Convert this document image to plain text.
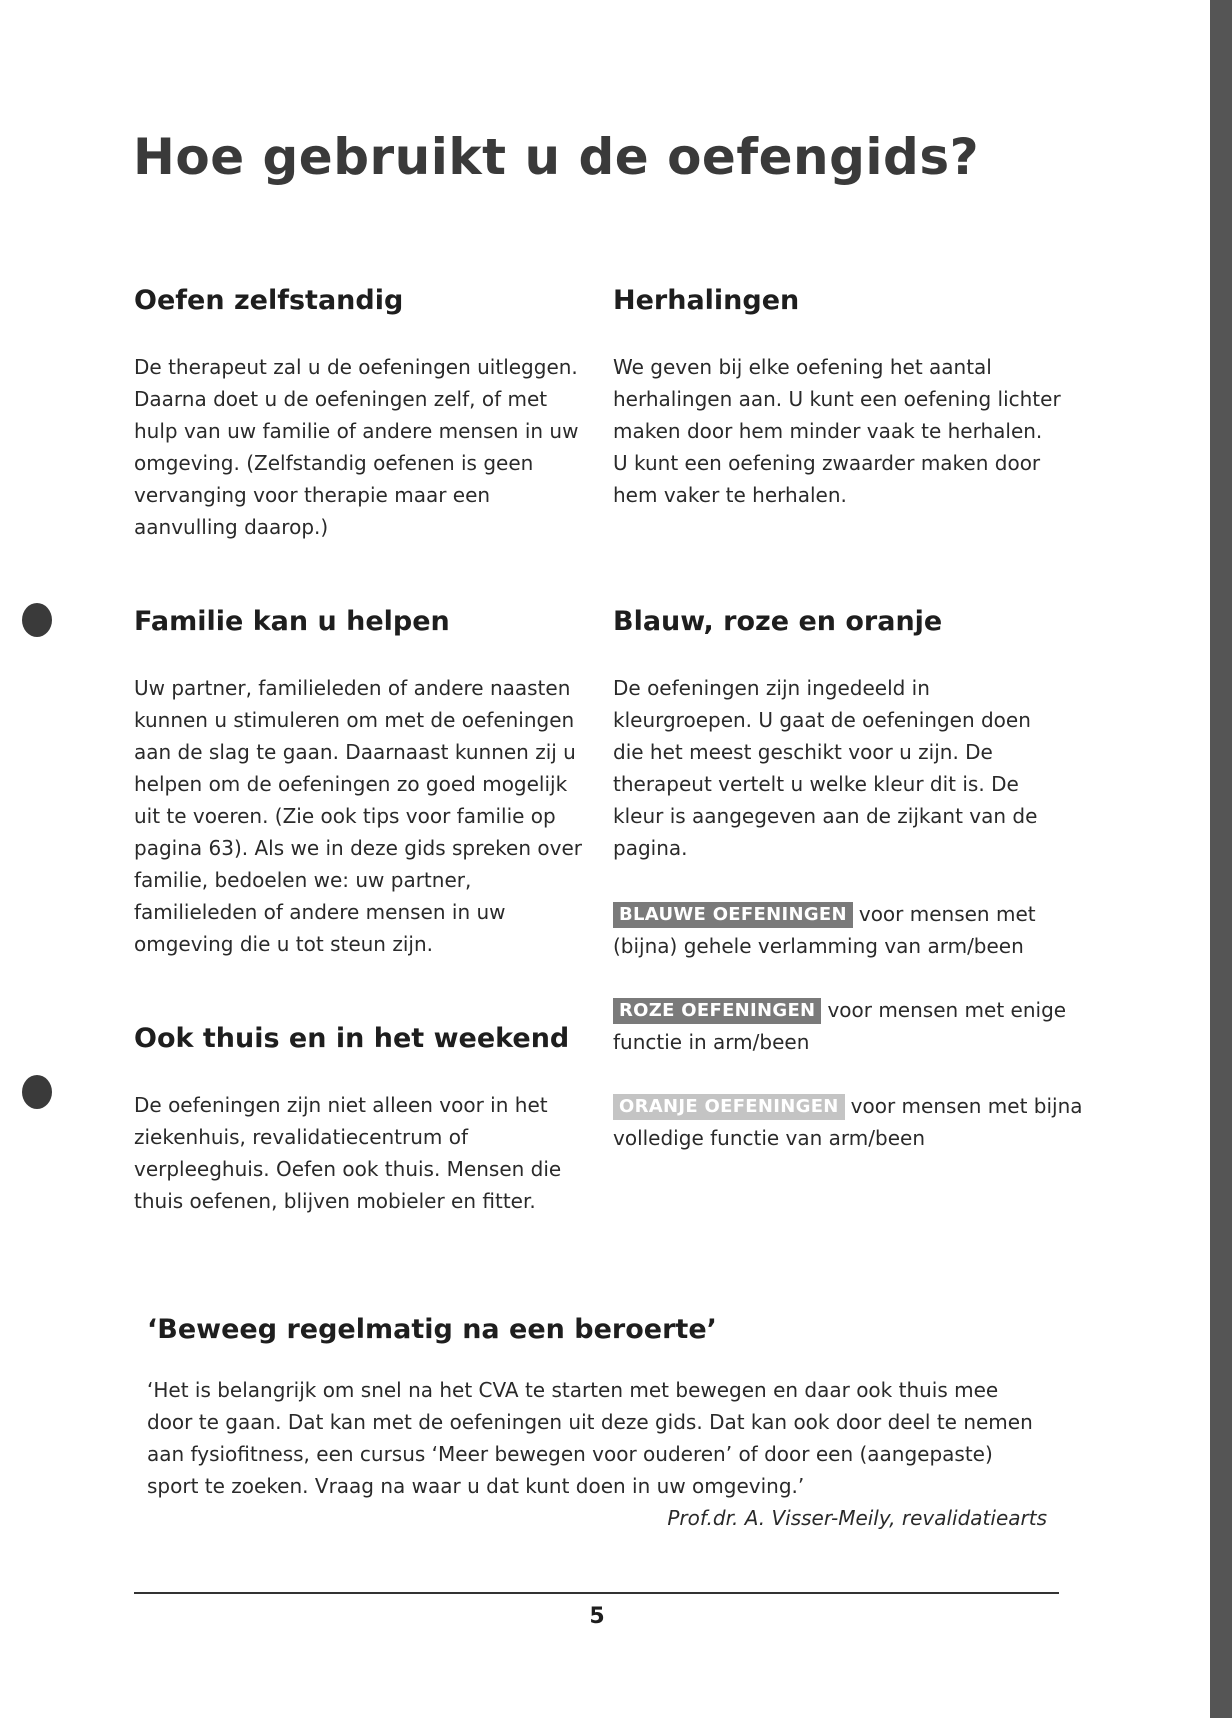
Hoe gebruikt u de oefengids?
Oefen zelfstandig

De therapeut zal u de oefeningen uitleggen. Daarna doet u de oefeningen zelf, of met hulp van uw familie of andere mensen in uw omgeving. (Zelfstandig oefenen is geen vervanging voor therapie maar een aanvulling daarop.)

Herhalingen

We geven bij elke oefening het aantal herhalingen aan. U kunt een oefening lichter maken door hem minder vaak te herhalen. U kunt een oefening zwaarder maken door hem vaker te herhalen.

Familie kan u helpen

Uw partner, familieleden of andere naasten kunnen u stimuleren om met de oefeningen aan de slag te gaan. Daarnaast kunnen zij u helpen om de oefeningen zo goed mogelijk uit te voeren. (Zie ook tips voor familie op pagina 63). Als we in deze gids spreken over familie, bedoelen we: uw partner, familieleden of andere mensen in uw omgeving die u tot steun zijn.

Blauw, roze en oranje

De oefeningen zijn ingedeeld in kleurgroepen. U gaat de oefeningen doen die het meest geschikt voor u zijn. De therapeut vertelt u welke kleur dit is. De kleur is aangegeven aan de zijkant van de pagina.

BLAUWE OEFENINGEN voor mensen met (bijna) gehele verlamming van arm/been
ROZE OEFENINGEN voor mensen met enige functie in arm/been
ORANJE OEFENINGEN voor mensen met bijna volledige functie van arm/been
Ook thuis en in het weekend

De oefeningen zijn niet alleen voor in het ziekenhuis, revalidatiecentrum of verpleeghuis. Oefen ook thuis. Mensen die thuis oefenen, blijven mobieler en fitter.

‘Beweeg regelmatig na een beroerte’

‘Het is belangrijk om snel na het CVA te starten met bewegen en daar ook thuis mee door te gaan. Dat kan met de oefeningen uit deze gids. Dat kan ook door deel te nemen aan fysiofitness, een cursus ‘Meer bewegen voor ouderen’ of door een (aangepaste) sport te zoeken. Vraag na waar u dat kunt doen in uw omgeving.’

Prof.dr. A. Visser-Meily, revalidatiearts

5
